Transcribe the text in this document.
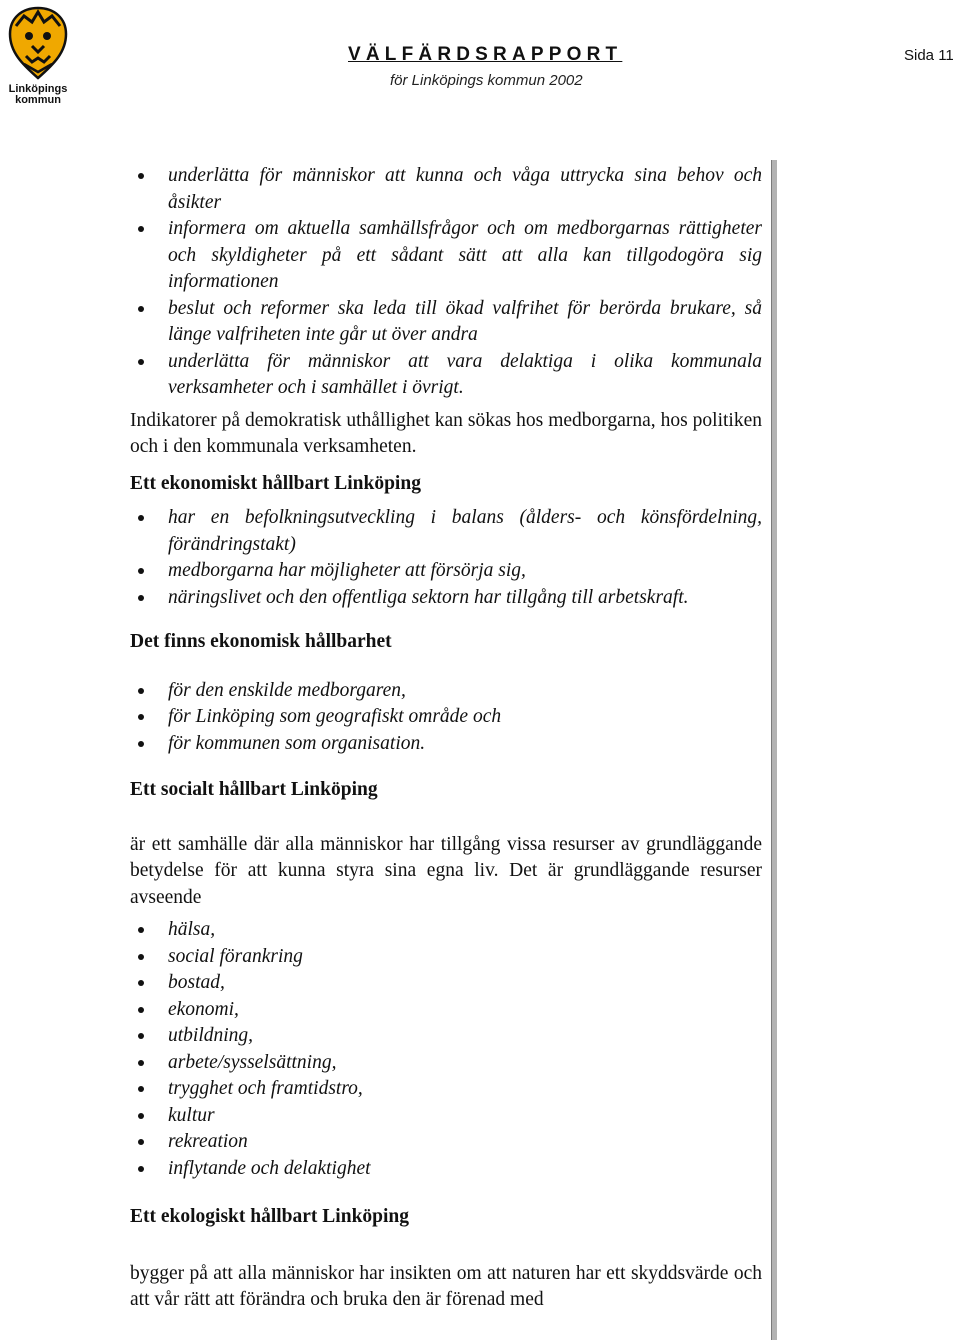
Linköpings kommun
VÄLFÄRDSRAPPORT
för Linköpings kommun 2002
Sida 11
underlätta för människor att kunna och våga uttrycka sina behov och åsikter
informera om aktuella samhällsfrågor och om medborgarnas rättigheter och skyldigheter på ett sådant sätt att alla kan tillgodogöra sig informationen
beslut och reformer ska leda till ökad valfrihet för berörda brukare, så länge valfriheten inte går ut över andra
underlätta för människor att vara delaktiga i olika kommunala verksamheter och i samhället i övrigt.

Indikatorer på demokratisk uthållighet kan sökas hos medborgarna, hos politiken och i den kommunala verksamheten.

Ett ekonomiskt hållbart Linköping
har en befolkningsutveckling i balans (ålders- och könsfördelning, förändringstakt)
medborgarna har möjligheter att försörja sig,
näringslivet och den offentliga sektorn har tillgång till arbetskraft.
Det finns ekonomisk hållbarhet
för den enskilde medborgaren,
för Linköping som geografiskt område och
för kommunen som organisation.
Ett socialt hållbart Linköping

är ett samhälle där alla människor har tillgång vissa resurser av grundläggande betydelse för att kunna styra sina egna liv. Det är grundläggande resurser avseende

hälsa,
social förankring
bostad,
ekonomi,
utbildning,
arbete/sysselsättning,
trygghet och framtidstro,
kultur
rekreation
inflytande och delaktighet
Ett ekologiskt hållbart Linköping

bygger på att alla människor har insikten om att naturen har ett skyddsvärde och att vår rätt att förändra och bruka den är förenad med
